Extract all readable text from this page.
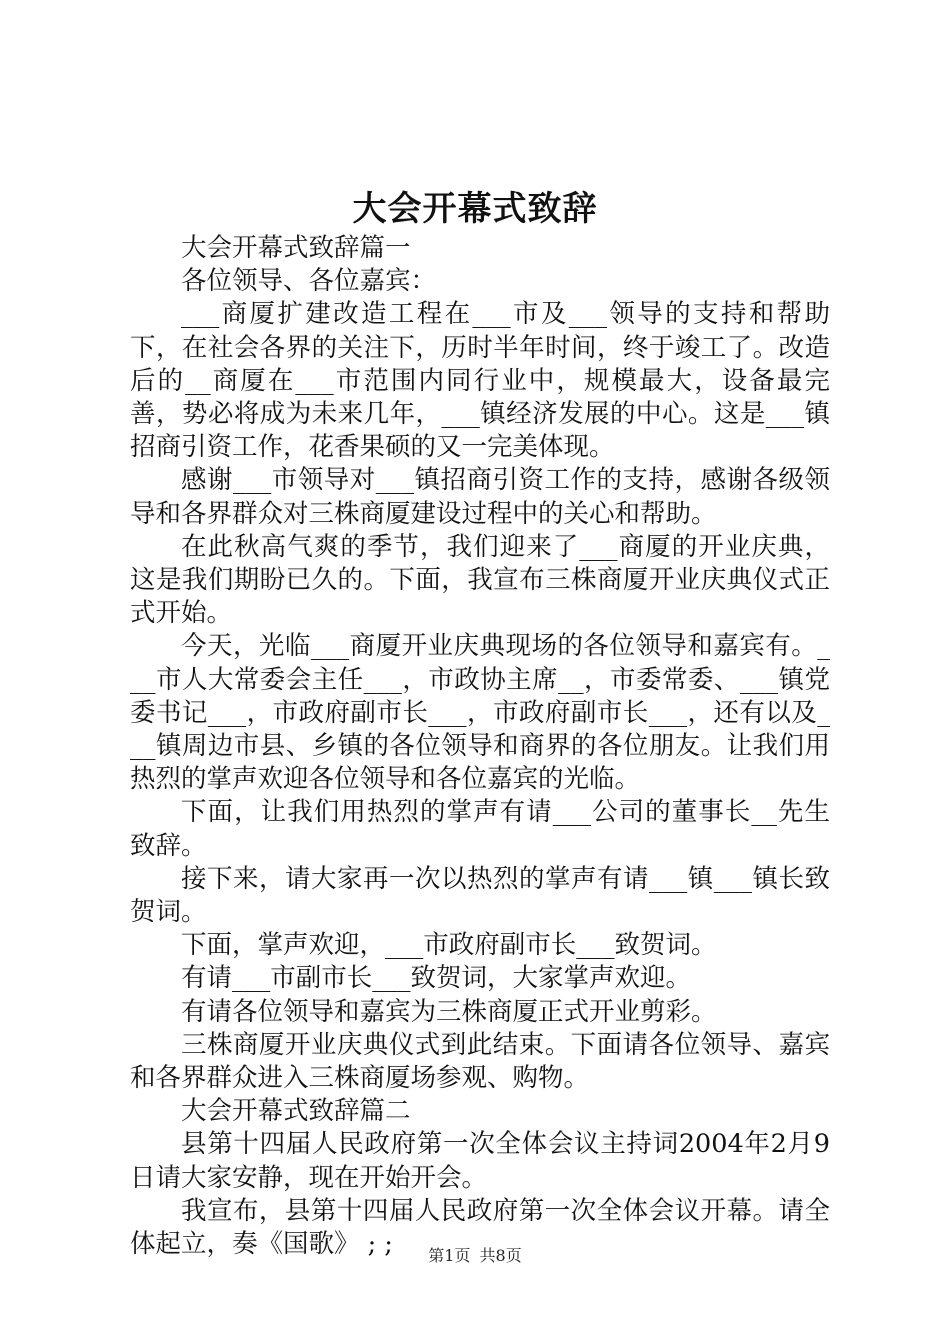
大会开幕式致辞

大会开幕式致辞篇一

各位领导、各位嘉宾：

___商厦扩建改造工程在___市及___领导的支持和帮助下，在社会各界的关注下，历时半年时间，终于竣工了。改造后的__商厦在___市范围内同行业中，规模最大，设备最完善，势必将成为未来几年，___镇经济发展的中心。这是___镇招商引资工作，花香果硕的又一完美体现。

感谢___市领导对___镇招商引资工作的支持，感谢各级领导和各界群众对三株商厦建设过程中的关心和帮助。

在此秋高气爽的季节，我们迎来了___商厦的开业庆典，这是我们期盼已久的。下面，我宣布三株商厦开业庆典仪式正式开始。

今天，光临___商厦开业庆典现场的各位领导和嘉宾有。___市人大常委会主任___，市政协主席__，市委常委、___镇党委书记___，市政府副市长___，市政府副市长___，还有以及___镇周边市县、乡镇的各位领导和商界的各位朋友。让我们用热烈的掌声欢迎各位领导和各位嘉宾的光临。

下面，让我们用热烈的掌声有请___公司的董事长__先生致辞。

接下来，请大家再一次以热烈的掌声有请___镇___镇长致贺词。

下面，掌声欢迎，___市政府副市长___致贺词。

有请___市副市长___致贺词，大家掌声欢迎。

有请各位领导和嘉宾为三株商厦正式开业剪彩。

三株商厦开业庆典仪式到此结束。下面请各位领导、嘉宾和各界群众进入三株商厦场参观、购物。

大会开幕式致辞篇二

县第十四届人民政府第一次全体会议主持词2004年2月9日请大家安静，现在开始开会。

我宣布，县第十四届人民政府第一次全体会议开幕。请全体起立，奏《国歌》 ; ;	第1页 共8页
